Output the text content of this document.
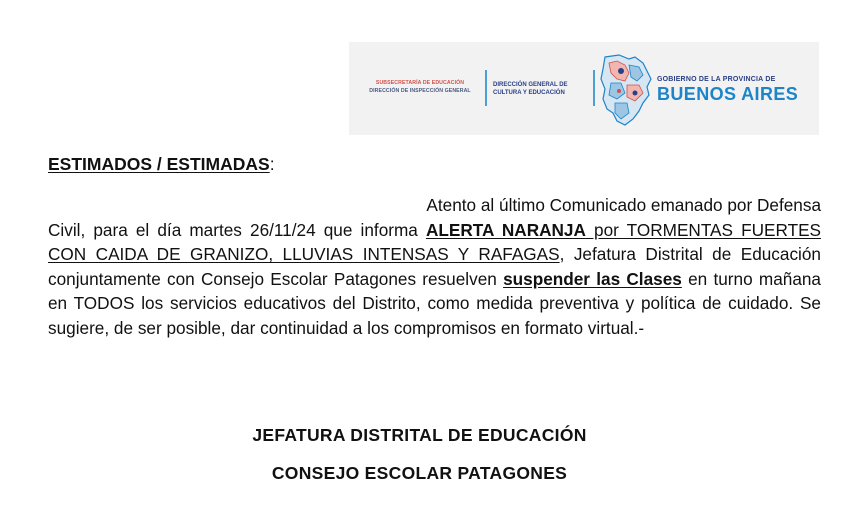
SUBSECRETARÍA DE EDUCACIÓN
DIRECCIÓN DE INSPECCIÓN GENERAL
DIRECCIÓN GENERAL DE
CULTURA Y EDUCACIÓN
GOBIERNO DE LA PROVINCIA DE
BUENOS AIRES
ESTIMADOS / ESTIMADAS:
Atento al último Comunicado emanado por Defensa
Civil, para el día martes 26/11/24 que informa ALERTA NARANJA por TORMENTAS FUERTES CON CAIDA DE GRANIZO, LLUVIAS INTENSAS Y RAFAGAS, Jefatura Distrital de Educación conjuntamente con Consejo Escolar Patagones resuelven suspender las Clases en turno mañana en TODOS los servicios educativos del Distrito, como medida preventiva y política de cuidado. Se sugiere, de ser posible, dar continuidad a los compromisos en formato virtual.-
JEFATURA DISTRITAL DE EDUCACIÓN
CONSEJO ESCOLAR PATAGONES
